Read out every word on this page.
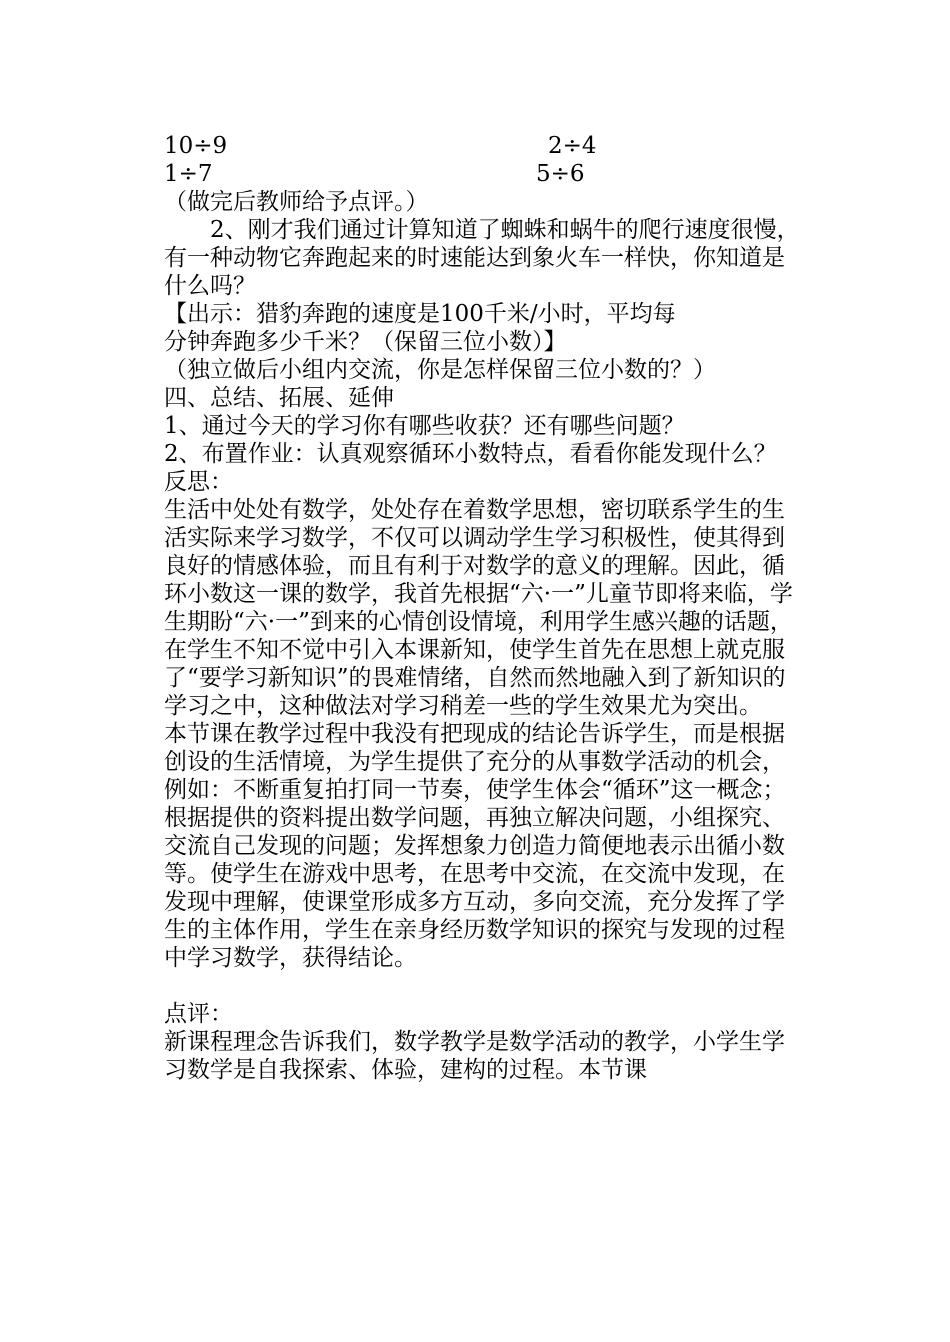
10÷9	2÷4
1÷7	5÷6
（做完后教师给予点评。）
2、刚才我们通过计算知道了蜘蛛和蜗牛的爬行速度很慢，有一种动物它奔跑起来的时速能达到象火车一样快，你知道是什么吗？
【出示：猎豹奔跑的速度是100千米/小时，平均每
分钟奔跑多少千米？（保留三位小数）】
（独立做后小组内交流，你是怎样保留三位小数的？）
四、总结、拓展、延伸
1、通过今天的学习你有哪些收获？还有哪些问题？
2、布置作业：认真观察循环小数特点，看看你能发现什么？
反思：
生活中处处有数学，处处存在着数学思想，密切联系学生的生活实际来学习数学，不仅可以调动学生学习积极性，使其得到良好的情感体验，而且有利于对数学的意义的理解。因此，循环小数这一课的数学，我首先根据“六·一”儿童节即将来临，学生期盼“六·一”到来的心情创设情境，利用学生感兴趣的话题，在学生不知不觉中引入本课新知，使学生首先在思想上就克服了“要学习新知识”的畏难情绪，自然而然地融入到了新知识的学习之中，这种做法对学习稍差一些的学生效果尤为突出。
本节课在教学过程中我没有把现成的结论告诉学生，而是根据创设的生活情境，为学生提供了充分的从事数学活动的机会，例如：不断重复拍打同一节奏，使学生体会“循环”这一概念；根据提供的资料提出数学问题，再独立解决问题，小组探究、交流自己发现的问题；发挥想象力创造力简便地表示出循小数等。使学生在游戏中思考，在思考中交流，在交流中发现，在发现中理解，使课堂形成多方互动，多向交流，充分发挥了学生的主体作用，学生在亲身经历数学知识的探究与发现的过程中学习数学，获得结论。
点评：
新课程理念告诉我们，数学教学是数学活动的教学，小学生学习数学是自我探索、体验，建构的过程。本节课
